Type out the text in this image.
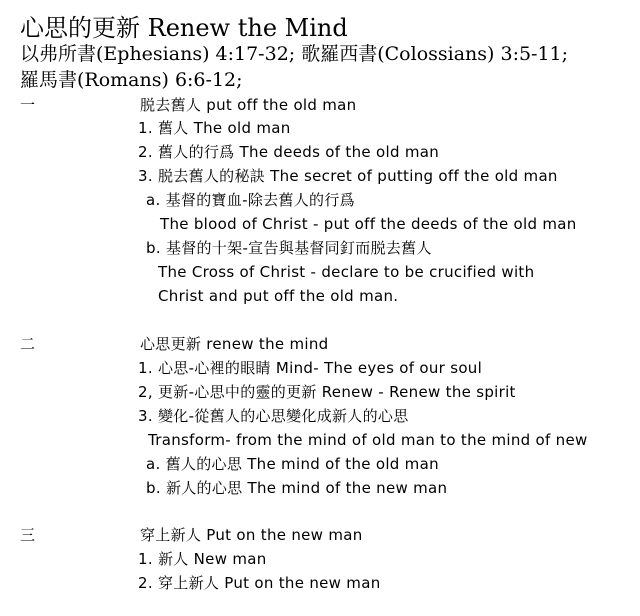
心思的更新 Renew the Mind
以弗所書(Ephesians) 4:17-32; 歌羅西書(Colossians) 3:5-11;
羅馬書(Romans) 6:6-12;
一	脱去舊人 put off the old man
1. 舊人 The old man
2. 舊人的行爲 The deeds of the old man
3. 脱去舊人的秘訣 The secret of putting off the old man
a. 基督的寶血-除去舊人的行爲
The blood of Christ - put off the deeds of the old man
b. 基督的十架-宣告與基督同釘而脱去舊人
The Cross of Christ - declare to be crucified with
Christ and put off the old man.
二	心思更新 renew the mind
1. 心思-心裡的眼睛 Mind- The eyes of our soul
2, 更新-心思中的靈的更新 Renew - Renew the spirit
3. 變化-從舊人的心思變化成新人的心思
Transform- from the mind of old man to the mind of new
a. 舊人的心思 The mind of the old man
b. 新人的心思 The mind of the new man
三	穿上新人 Put on the new man
1. 新人 New man
2. 穿上新人 Put on the new man
